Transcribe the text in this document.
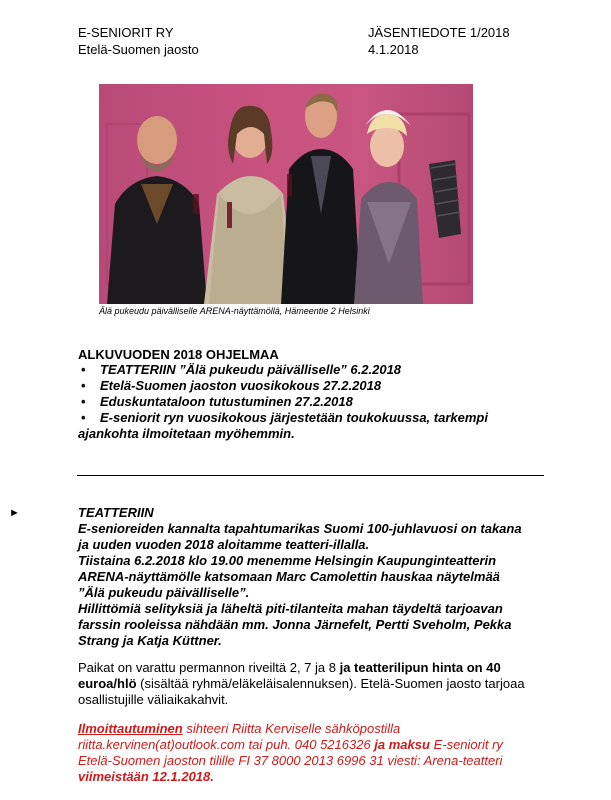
E-SENIORIT RY
Etelä-Suomen jaosto
JÄSENTIEDOTE 1/2018
4.1.2018
Älä pukeudu päivälliselle ARENA-näyttämöllä, Hämeentie 2 Helsinki
ALKUVUODEN 2018 OHJELMAA
• TEATTERIIN ”Älä pukeudu päivälliselle” 6.2.2018
• Etelä-Suomen jaoston vuosikokous 27.2.2018
• Eduskuntataloon tutustuminen 27.2.2018
• E-seniorit ryn vuosikokous järjestetään toukokuussa, tarkempi
ajankohta ilmoitetaan myöhemmin.
►	TEATTERIIN
E-senioreiden kannalta tapahtumarikas Suomi 100-juhlavuosi on takana
ja uuden vuoden 2018 aloitamme teatteri-illalla.
Tiistaina 6.2.2018 klo 19.00 menemme Helsingin Kaupunginteatterin
ARENA-näyttämölle katsomaan Marc Camolettin hauskaa näytelmää
”Älä pukeudu päivälliselle”.
Hillittömiä selityksiä ja läheltä piti-tilanteita mahan täydeltä tarjoavan
farssin rooleissa nähdään mm. Jonna Järnefelt, Pertti Sveholm, Pekka
Strang ja Katja Küttner.
Paikat on varattu permannon riveiltä 2, 7 ja 8 ja teatterilipun hinta on 40
euroa/hlö (sisältää ryhmä/eläkeläisalennuksen). Etelä-Suomen jaosto tarjoaa
osallistujille väliaikakahvit.
Ilmoittautuminen sihteeri Riitta Kerviselle sähköpostilla
riitta.kervinen(at)outlook.com tai puh. 040 5216326 ja maksu E-seniorit ry
Etelä-Suomen jaoston tilille FI 37 8000 2013 6996 31 viesti: Arena-teatteri
viimeistään 12.1.2018.
